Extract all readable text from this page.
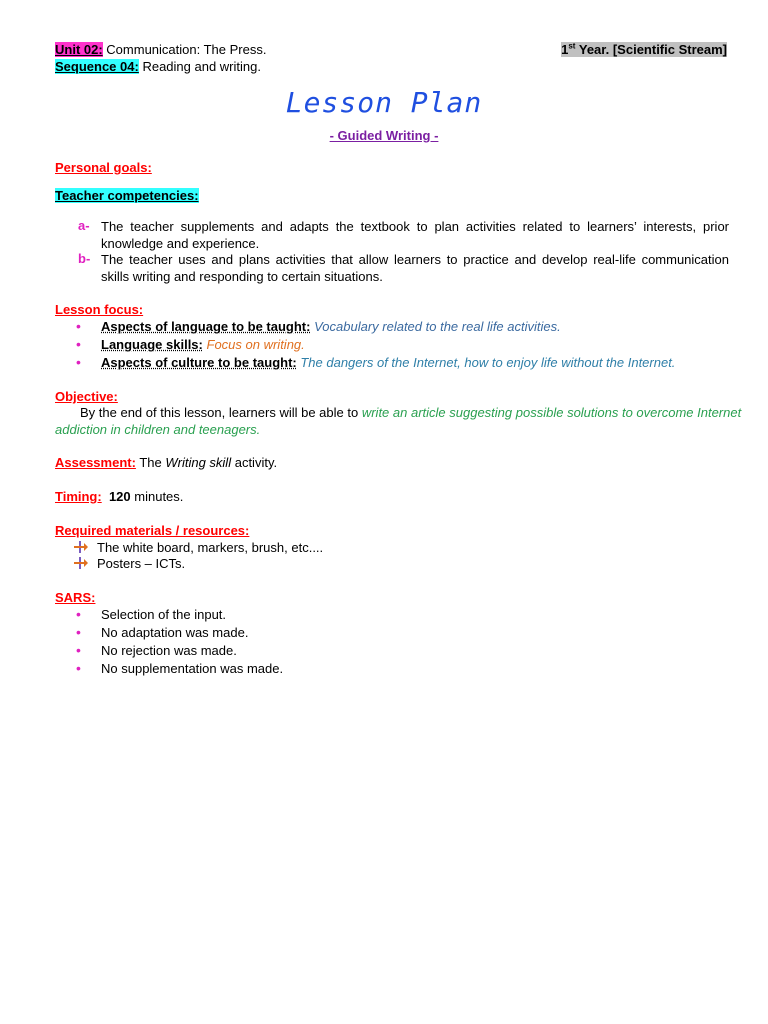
Unit 02: Communication: The Press.
Sequence 04: Reading and writing.
1st Year. [Scientific Stream]
Lesson Plan
- Guided Writing -
Personal goals:
Teacher competencies:
a- The teacher supplements and adapts the textbook to plan activities related to learners’ interests, prior knowledge and experience.
b- The teacher uses and plans activities that allow learners to practice and develop real-life communication skills writing and responding to certain situations.
Lesson focus:
• Aspects of language to be taught: Vocabulary related to the real life activities.
• Language skills: Focus on writing.
• Aspects of culture to be taught: The dangers of the Internet, how to enjoy life without the Internet.
Objective:
By the end of this lesson, learners will be able to write an article suggesting possible solutions to overcome Internet
addiction in children and teenagers.
Assessment: The Writing skill activity.
Timing: 120 minutes.
Required materials / resources:
The white board, markers, brush, etc....
Posters – ICTs.
SARS:
• Selection of the input.
• No adaptation was made.
• No rejection was made.
• No supplementation was made.
